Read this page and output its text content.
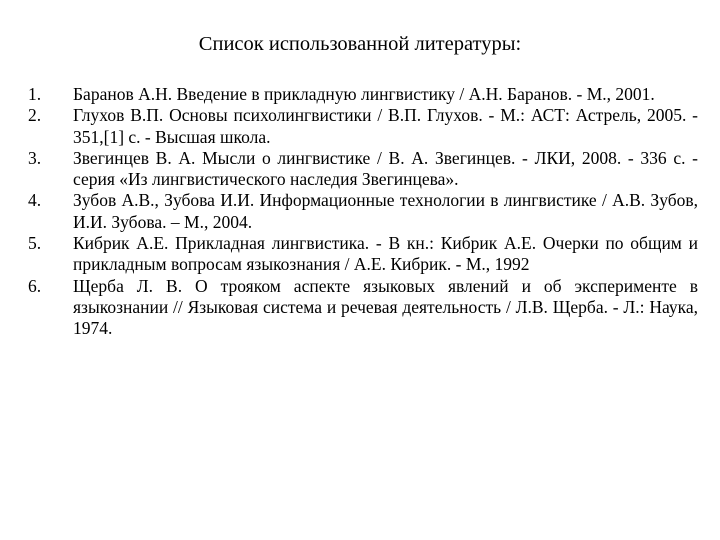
Список использованной литературы:
1.	Баранов А.Н. Введение в прикладную лингвистику / А.Н. Баранов. - М., 2001.
2.	Глухов В.П. Основы психолингвистики / В.П. Глухов. - М.: АСТ: Астрель, 2005. - 351,[1] с. - Высшая школа.
3.	Звегинцев В. А. Мысли о лингвистике / В. А. Звегинцев. - ЛКИ, 2008. - 336 с. - серия «Из лингвистического наследия Звегинцева».
4.	Зубов А.В., Зубова И.И. Информационные технологии в лингвистике / А.В. Зубов, И.И. Зубова. – М., 2004.
5.	Кибрик А.Е. Прикладная лингвистика. - В кн.: Кибрик А.Е. Очерки по общим и прикладным вопросам языкознания / А.Е. Кибрик. - М., 1992
6.	Щерба Л. В. О трояком аспекте языковых явлений и об эксперименте в языкознании // Языковая система и речевая деятельность / Л.В. Щерба. - Л.: Наука, 1974.
